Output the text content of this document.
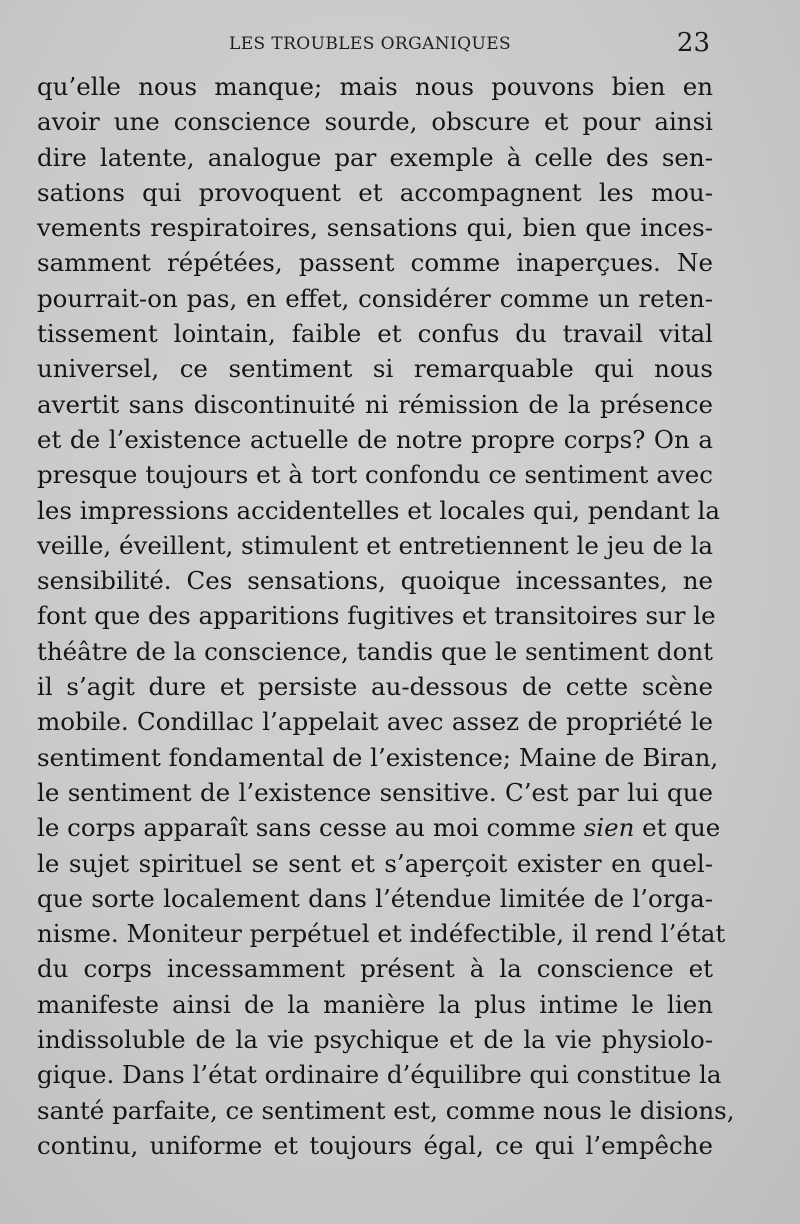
LES TROUBLES ORGANIQUES	23
qu’elle nous manque; mais nous pouvons bien en
avoir une conscience sourde, obscure et pour ainsi
dire latente, analogue par exemple à celle des sen-
sations qui provoquent et accompagnent les mou-
vements respiratoires, sensations qui, bien que inces-
samment répétées, passent comme inaperçues. Ne
pourrait-on pas, en effet, considérer comme un reten-
tissement lointain, faible et confus du travail vital
universel, ce sentiment si remarquable qui nous
avertit sans discontinuité ni rémission de la présence
et de l’existence actuelle de notre propre corps? On a
presque toujours et à tort confondu ce sentiment avec
les impressions accidentelles et locales qui, pendant la
veille, éveillent, stimulent et entretiennent le jeu de la
sensibilité. Ces sensations, quoique incessantes, ne
font que des apparitions fugitives et transitoires sur le
théâtre de la conscience, tandis que le sentiment dont
il s’agit dure et persiste au-dessous de cette scène
mobile. Condillac l’appelait avec assez de propriété le
sentiment fondamental de l’existence; Maine de Biran,
le sentiment de l’existence sensitive. C’est par lui que
le corps apparaît sans cesse au moi comme sien et que
le sujet spirituel se sent et s’aperçoit exister en quel-
que sorte localement dans l’étendue limitée de l’orga-
nisme. Moniteur perpétuel et indéfectible, il rend l’état
du corps incessamment présent à la conscience et
manifeste ainsi de la manière la plus intime le lien
indissoluble de la vie psychique et de la vie physiolo-
gique. Dans l’état ordinaire d’équilibre qui constitue la
santé parfaite, ce sentiment est, comme nous le disions,
continu, uniforme et toujours égal, ce qui l’empêche
